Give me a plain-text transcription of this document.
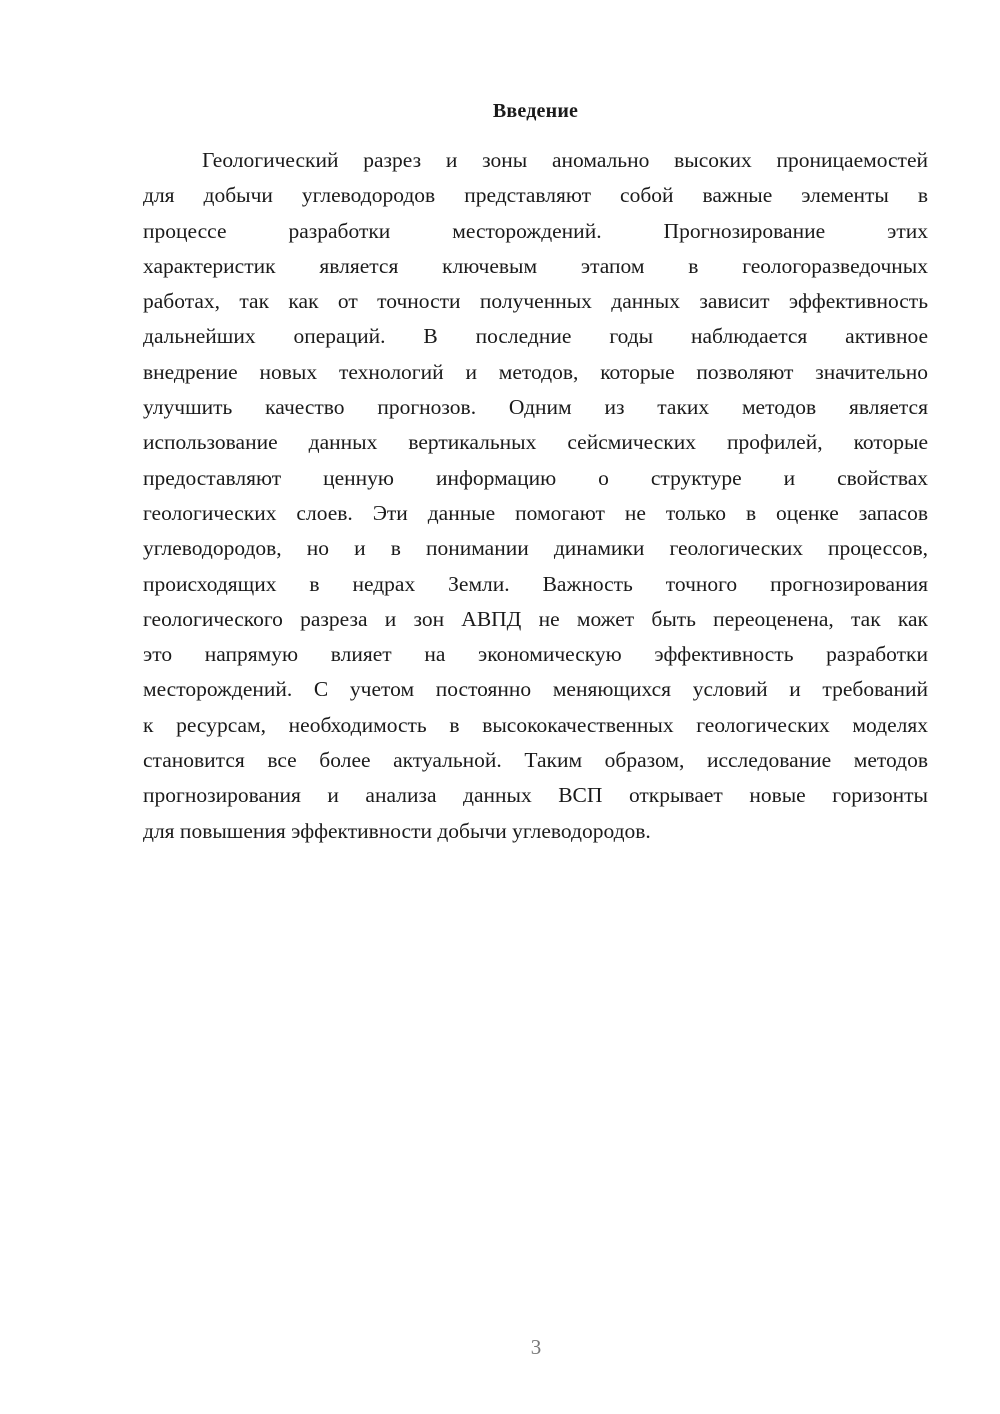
Введение
Геологический разрез и зоны аномально высоких проницаемостей
для добычи углеводородов представляют собой важные элементы в
процессе разработки месторождений. Прогнозирование этих
характеристик является ключевым этапом в геологоразведочных
работах, так как от точности полученных данных зависит эффективность
дальнейших операций. В последние годы наблюдается активное
внедрение новых технологий и методов, которые позволяют значительно
улучшить качество прогнозов. Одним из таких методов является
использование данных вертикальных сейсмических профилей, которые
предоставляют ценную информацию о структуре и свойствах
геологических слоев. Эти данные помогают не только в оценке запасов
углеводородов, но и в понимании динамики геологических процессов,
происходящих в недрах Земли. Важность точного прогнозирования
геологического разреза и зон АВПД не может быть переоценена, так как
это напрямую влияет на экономическую эффективность разработки
месторождений. С учетом постоянно меняющихся условий и требований
к ресурсам, необходимость в высококачественных геологических моделях
становится все более актуальной. Таким образом, исследование методов
прогнозирования и анализа данных ВСП открывает новые горизонты
для повышения эффективности добычи углеводородов.
3
